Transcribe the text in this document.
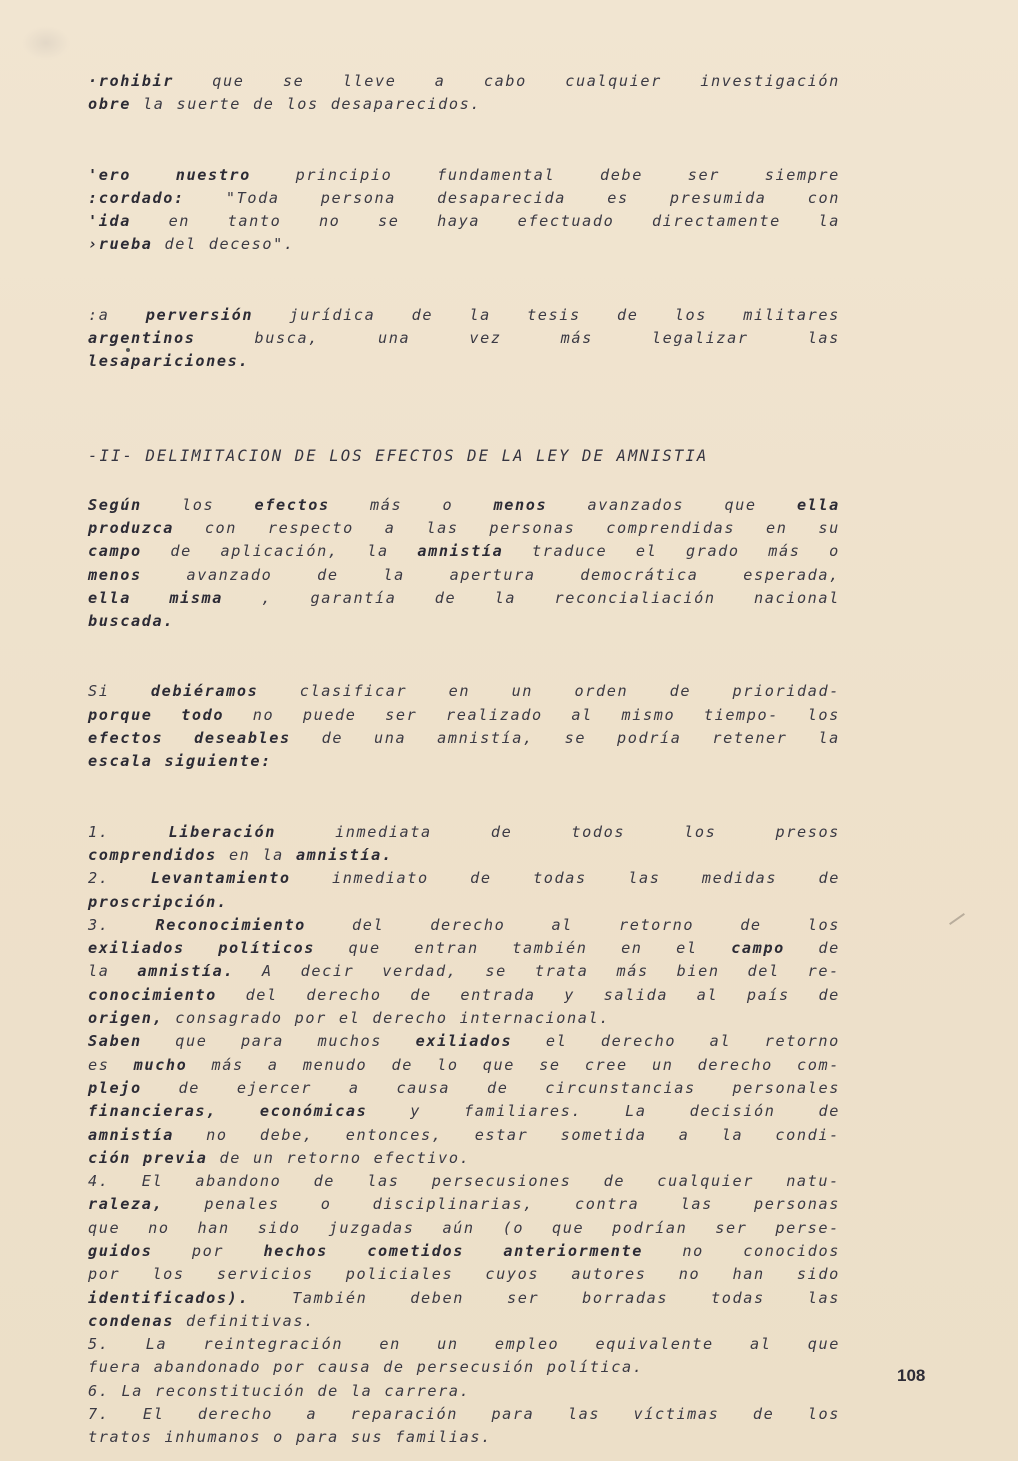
·rohibir	que	se	lleve	a	cabo	cualquier	investigación
obre la suerte de los desaparecidos.
'ero	nuestro	principio	fundamental	debe	ser	siempre
:cordado:	"Toda	persona	desaparecida	es	presumida	con
'ida en tanto no se haya efectuado directamente la
›rueba del deceso".
:a perversión jurídica de la tesis de los militares
argentinos	busca,	una	vez	más	legalizar	las
lesapariciones.
-II- DELIMITACION DE LOS EFECTOS DE LA LEY DE AMNISTIA
Según	los	efectos	más	o	menos	avanzados	que	ella
produzca con respecto a las personas comprendidas en su
campo de aplicación, la amnistía traduce el grado más o
menos	avanzado	de	la	apertura	democrática	esperada,
ella	misma	,	garantía	de	la	reconcialiación	nacional
buscada.
Si	debiéramos	clasificar	en	un	orden	de	prioridad-
porque todo no puede ser realizado al mismo tiempo- los
efectos deseables de una amnistía, se podría retener la
escala siguiente:
1.	Liberación	inmediata	de	todos	los	presos
comprendidos en la amnistía.
2.	Levantamiento	inmediato	de	todas	las	medidas	de
proscripción.
3.	Reconocimiento	del	derecho	al	retorno	de	los
exiliados políticos que entran también en el campo de
la amnistía. A decir verdad, se trata más bien del re-
conocimiento del derecho de entrada y salida al país de
origen, consagrado por el derecho internacional.
Saben que para muchos exiliados el derecho al retorno
es mucho más a menudo de lo que se cree un derecho com-
plejo de ejercer a causa de circunstancias personales
financieras,	económicas	y	familiares.	La	decisión	de
amnistía no debe, entonces, estar sometida a la condi-
ción previa de un retorno efectivo.
4. El abandono de las persecusiones de cualquier natu-
raleza,	penales	o	disciplinarias,	contra	las	personas
que no han sido juzgadas aún (o que podrían ser perse-
guidos	por	hechos	cometidos	anteriormente	no	conocidos
por los servicios policiales cuyos autores no han sido
identificados).	También	deben	ser	borradas	todas	las
condenas definitivas.
5. La reintegración en un empleo equivalente al que
fuera abandonado por causa de persecusión política.
6. La reconstitución de la carrera.
7. El derecho a reparación para las víctimas de los
tratos inhumanos o para sus familias.
108
